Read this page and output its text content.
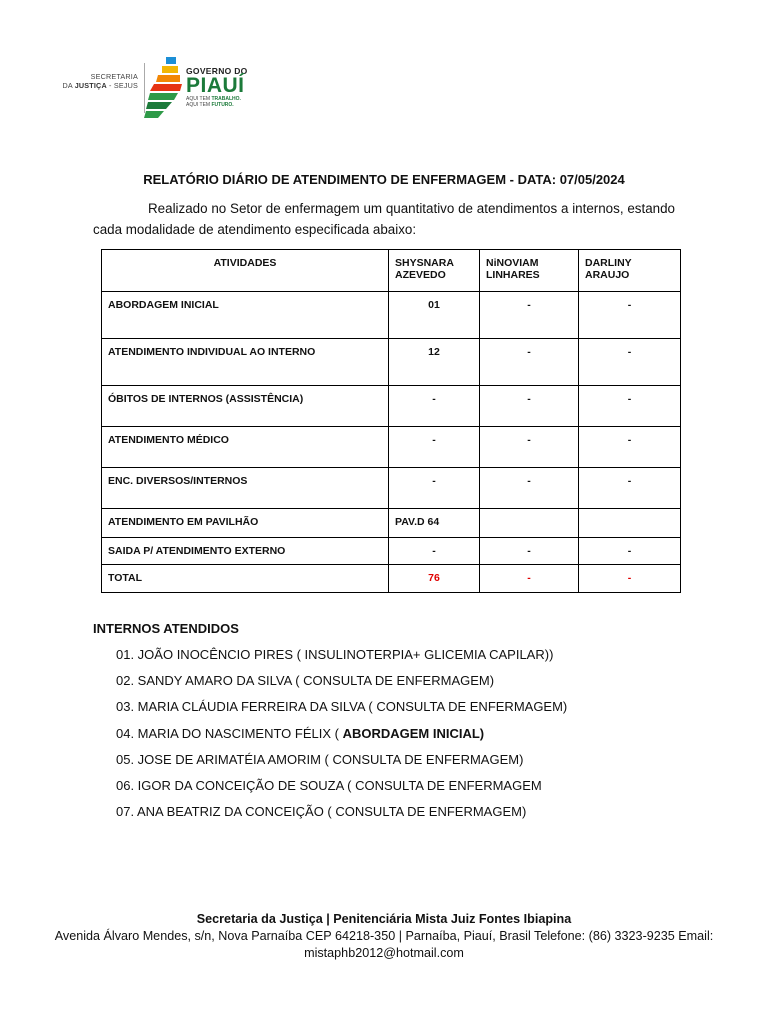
SECRETARIA
DA JUSTIÇA - SEJUS
GOVERNO DO
PIAUÍ
AQUI TEM TRABALHO.
AQUI TEM FUTURO.
RELATÓRIO DIÁRIO DE ATENDIMENTO DE ENFERMAGEM - DATA: 07/05/2024
Realizado no Setor de enfermagem um quantitativo de atendimentos a internos, estando cada modalidade de atendimento especificada abaixo:
ATIVIDADES	SHYSNARA AZEVEDO	NiNOVIAM LINHARES	DARLINY ARAUJO
ABORDAGEM INICIAL	01	-	-
ATENDIMENTO INDIVIDUAL AO INTERNO	12	-	-
ÓBITOS DE INTERNOS (ASSISTÊNCIA)	-	-	-
ATENDIMENTO MÉDICO	-	-	-
ENC. DIVERSOS/INTERNOS	-	-	-
ATENDIMENTO EM PAVILHÃO	PAV.D 64		
SAIDA P/ ATENDIMENTO EXTERNO	-	-	-
TOTAL	76	-	-
INTERNOS ATENDIDOS
01. JOÃO INOCÊNCIO PIRES ( INSULINOTERPIA+ GLICEMIA CAPILAR))
02. SANDY AMARO DA SILVA ( CONSULTA DE ENFERMAGEM)
03. MARIA CLÁUDIA FERREIRA DA SILVA ( CONSULTA DE ENFERMAGEM)
04. MARIA DO NASCIMENTO FÉLIX ( ABORDAGEM INICIAL)
05. JOSE DE ARIMATÉIA AMORIM ( CONSULTA DE ENFERMAGEM)
06. IGOR DA CONCEIÇÃO DE SOUZA ( CONSULTA DE ENFERMAGEM
07. ANA BEATRIZ DA CONCEIÇÃO ( CONSULTA DE ENFERMAGEM)
Secretaria da Justiça | Penitenciária Mista Juiz Fontes Ibiapina
Avenida Álvaro Mendes, s/n, Nova Parnaíba CEP 64218-350 | Parnaíba, Piauí, Brasil Telefone: (86) 3323-9235 Email: mistaphb2012@hotmail.com
